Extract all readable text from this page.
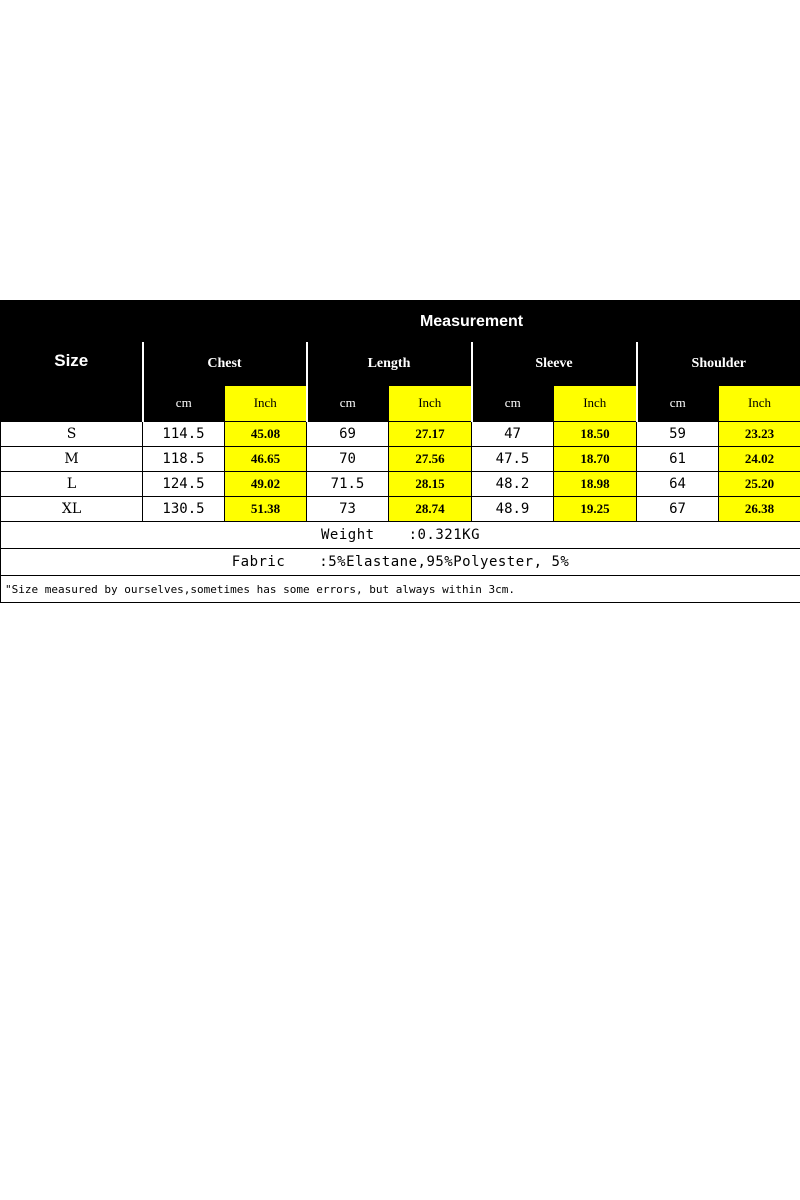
Size	Measurement							
	Chest		Length		Sleeve		Shoulder	
	cm	Inch	cm	Inch	cm	Inch	cm	Inch
S	114.5	45.08	69	27.17	47	18.50	59	23.23
M	118.5	46.65	70	27.56	47.5	18.70	61	24.02
L	124.5	49.02	71.5	28.15	48.2	18.98	64	25.20
XL	130.5	51.38	73	28.74	48.9	19.25	67	26.38
Weight :0.321KG								
Fabric :5%Elastane,95%Polyester, 5%								
"Size measured by ourselves,sometimes has some errors, but always within 3cm.								
